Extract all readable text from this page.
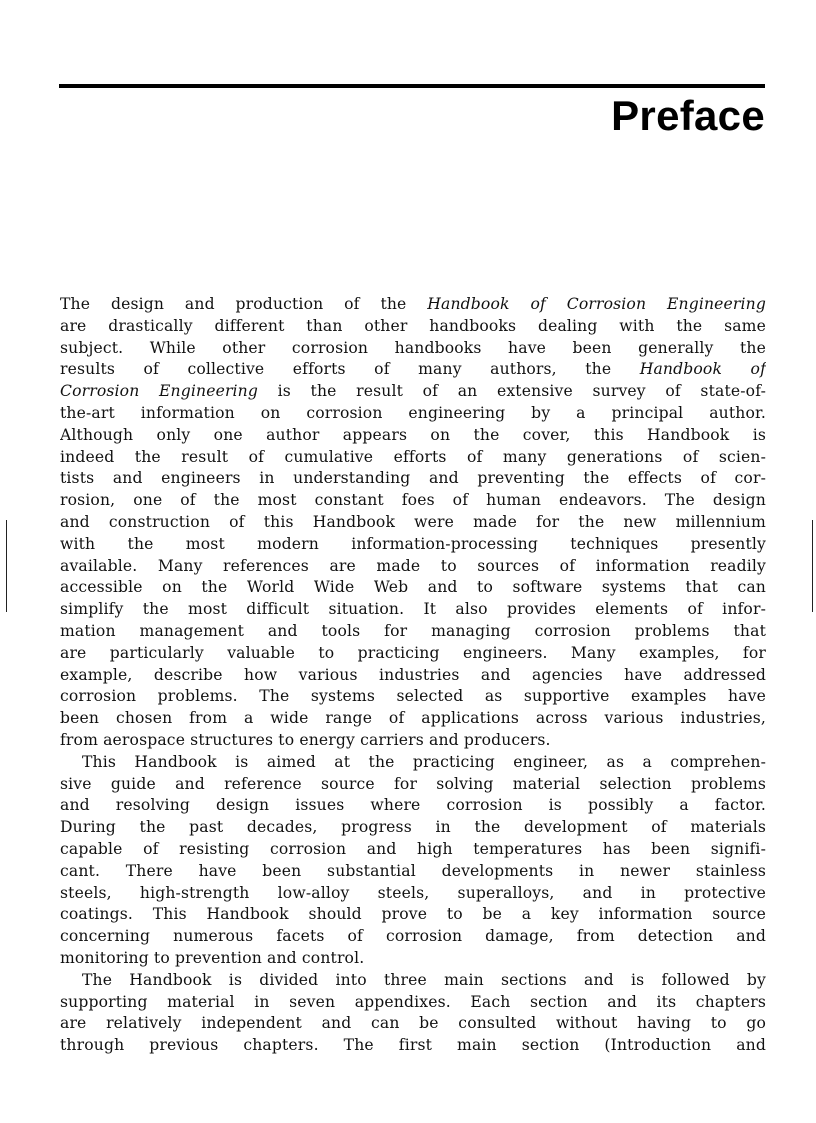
Preface
The design and production of the Handbook of Corrosion Engineering
are drastically different than other handbooks dealing with the same
subject. While other corrosion handbooks have been generally the
results of collective efforts of many authors, the Handbook of
Corrosion Engineering is the result of an extensive survey of state-of-
the-art information on corrosion engineering by a principal author.
Although only one author appears on the cover, this Handbook is
indeed the result of cumulative efforts of many generations of scien-
tists and engineers in understanding and preventing the effects of cor-
rosion, one of the most constant foes of human endeavors. The design
and construction of this Handbook were made for the new millennium
with the most modern information-processing techniques presently
available. Many references are made to sources of information readily
accessible on the World Wide Web and to software systems that can
simplify the most difficult situation. It also provides elements of infor-
mation management and tools for managing corrosion problems that
are particularly valuable to practicing engineers. Many examples, for
example, describe how various industries and agencies have addressed
corrosion problems. The systems selected as supportive examples have
been chosen from a wide range of applications across various industries,
from aerospace structures to energy carriers and producers.
This Handbook is aimed at the practicing engineer, as a comprehen-
sive guide and reference source for solving material selection problems
and resolving design issues where corrosion is possibly a factor.
During the past decades, progress in the development of materials
capable of resisting corrosion and high temperatures has been signifi-
cant. There have been substantial developments in newer stainless
steels, high-strength low-alloy steels, superalloys, and in protective
coatings. This Handbook should prove to be a key information source
concerning numerous facets of corrosion damage, from detection and
monitoring to prevention and control.
The Handbook is divided into three main sections and is followed by
supporting material in seven appendixes. Each section and its chapters
are relatively independent and can be consulted without having to go
through previous chapters. The first main section (Introduction and
